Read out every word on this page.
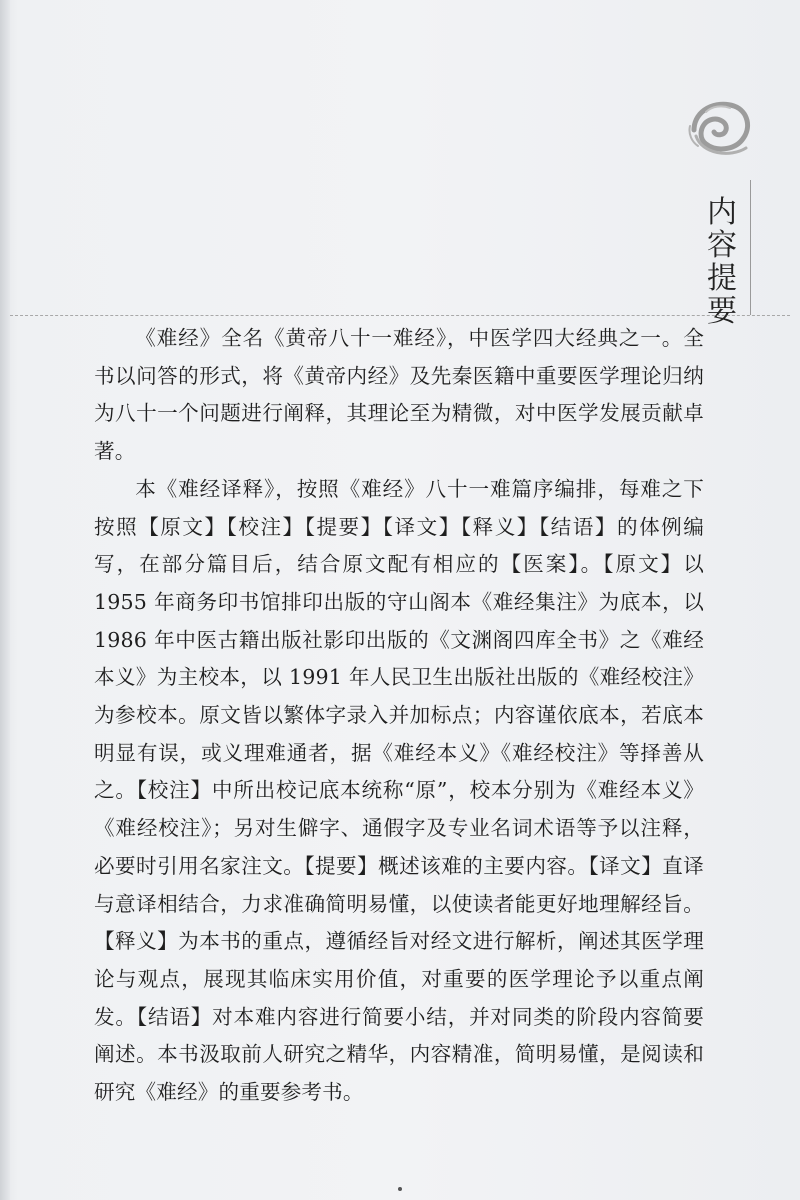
内
容
提
要

《难经》全名《黄帝八十一难经》，中医学四大经典之一。全书以问答的形式，将《黄帝内经》及先秦医籍中重要医学理论归纳为八十一个问题进行阐释，其理论至为精微，对中医学发展贡献卓著。

本《难经译释》，按照《难经》八十一难篇序编排，每难之下按照【原文】【校注】【提要】【译文】【释义】【结语】的体例编写，在部分篇目后，结合原文配有相应的【医案】。【原文】以 1955 年商务印书馆排印出版的守山阁本《难经集注》为底本，以 1986 年中医古籍出版社影印出版的《文渊阁四库全书》之《难经本义》为主校本，以 1991 年人民卫生出版社出版的《难经校注》为参校本。原文皆以繁体字录入并加标点；内容谨依底本，若底本明显有误，或义理难通者，据《难经本义》《难经校注》等择善从之。【校注】中所出校记底本统称“原”，校本分别为《难经本义》《难经校注》；另对生僻字、通假字及专业名词术语等予以注释，必要时引用名家注文。【提要】概述该难的主要内容。【译文】直译与意译相结合，力求准确简明易懂，以使读者能更好地理解经旨。【释义】为本书的重点，遵循经旨对经文进行解析，阐述其医学理论与观点，展现其临床实用价值，对重要的医学理论予以重点阐发。【结语】对本难内容进行简要小结，并对同类的阶段内容简要阐述。本书汲取前人研究之精华，内容精准，简明易懂，是阅读和研究《难经》的重要参考书。
